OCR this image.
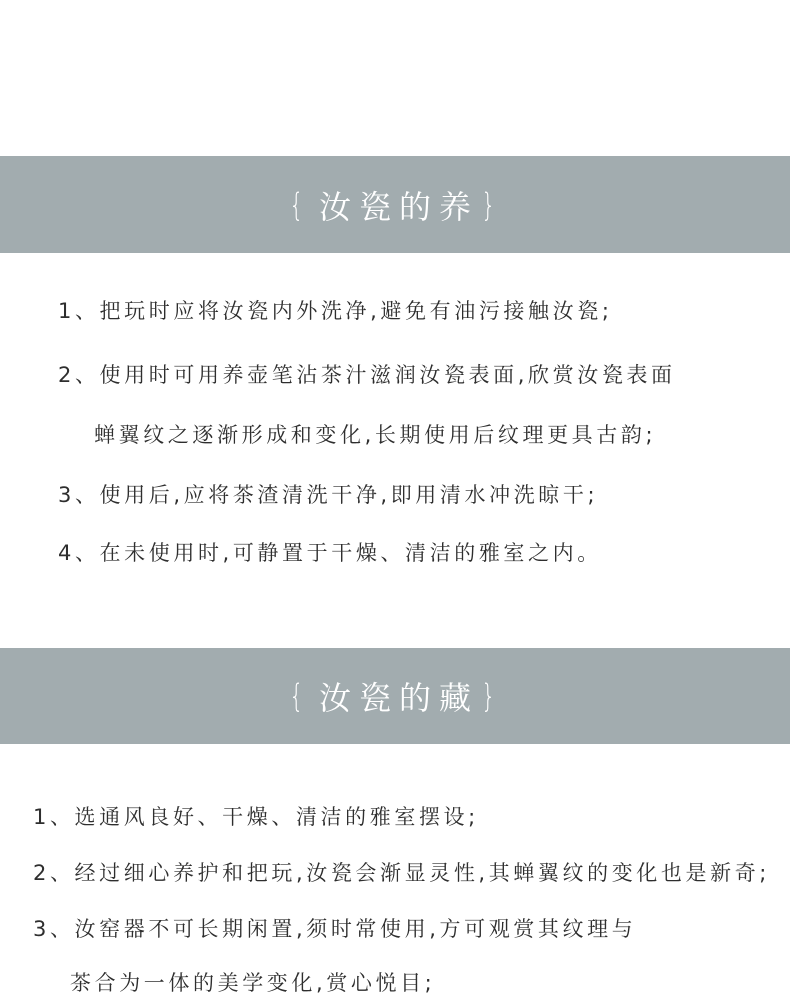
{ 汝瓷的养 }
1、把玩时应将汝瓷内外洗净,避免有油污接触汝瓷;
2、使用时可用养壶笔沾茶汁滋润汝瓷表面,欣赏汝瓷表面
蝉翼纹之逐渐形成和变化,长期使用后纹理更具古韵;
3、使用后,应将茶渣清洗干净,即用清水冲洗晾干;
4、在未使用时,可静置于干燥、清洁的雅室之内。
{ 汝瓷的藏 }
1、选通风良好、干燥、清洁的雅室摆设;
2、经过细心养护和把玩,汝瓷会渐显灵性,其蝉翼纹的变化也是新奇;
3、汝窑器不可长期闲置,须时常使用,方可观赏其纹理与
茶合为一体的美学变化,赏心悦目;
